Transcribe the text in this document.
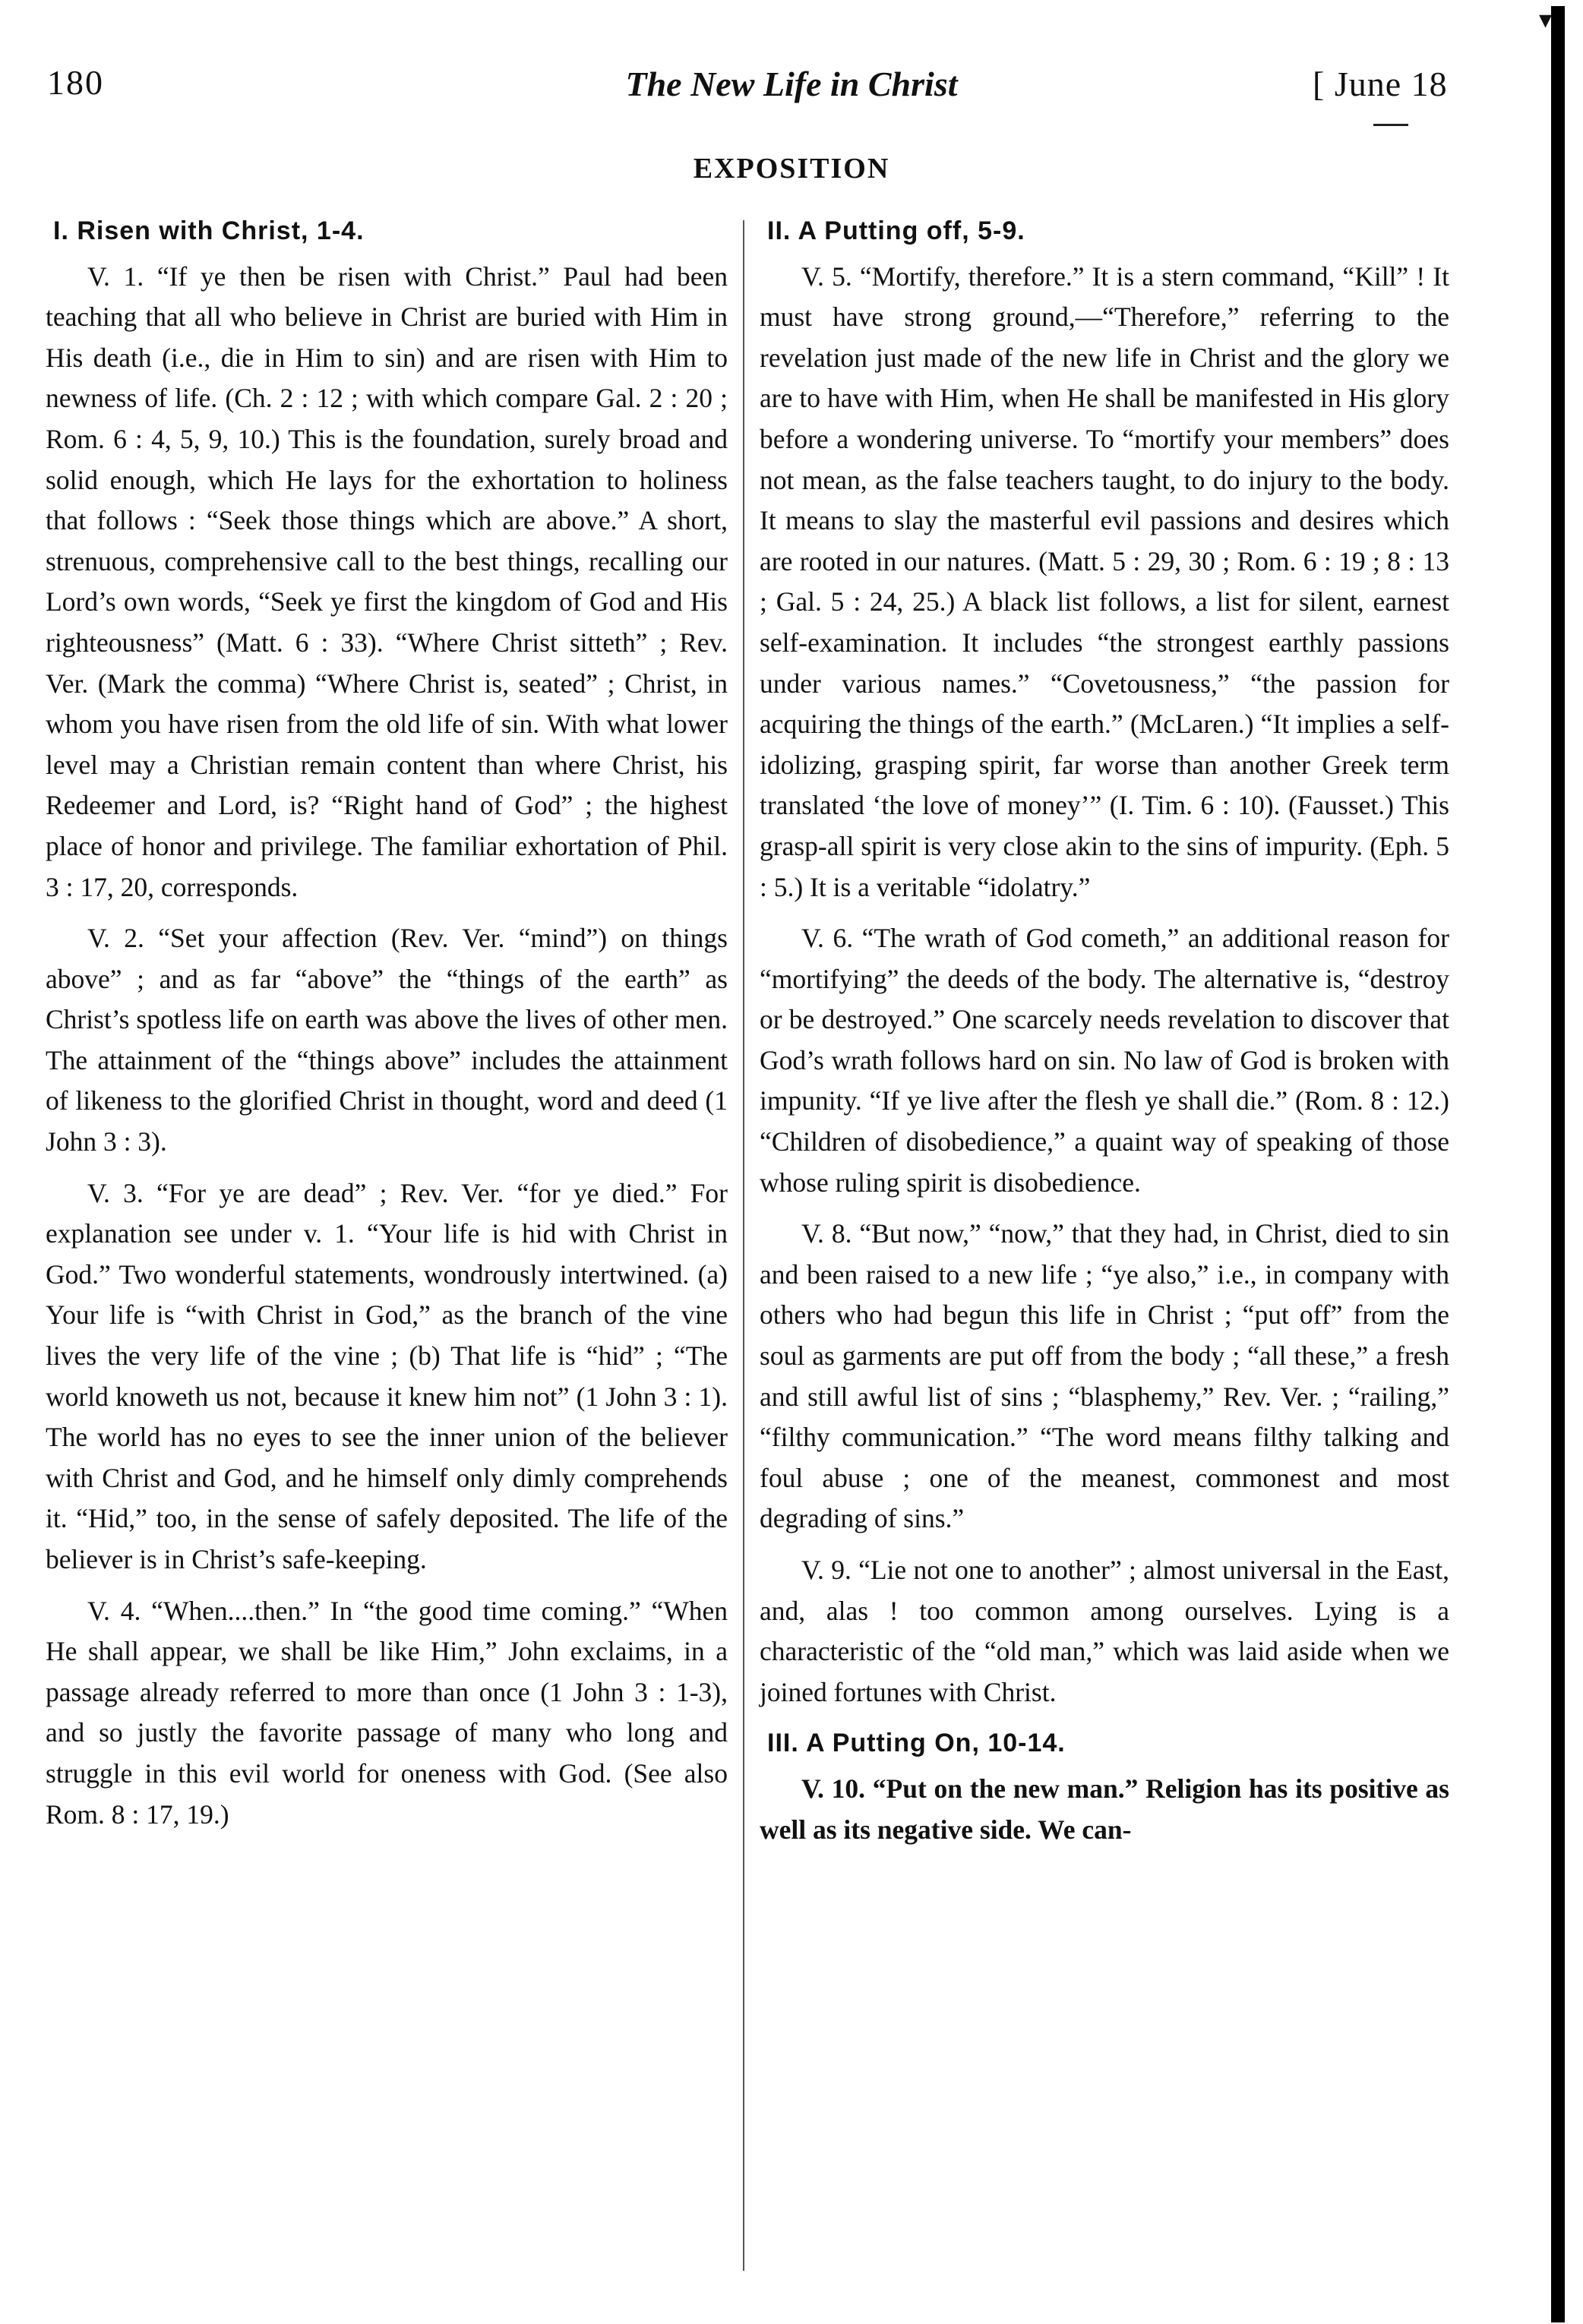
180	The New Life in Christ	[ June 18
EXPOSITION
I. Risen with Christ, 1-4.

V. 1. “If ye then be risen with Christ.” Paul had been teaching that all who believe in Christ are buried with Him in His death (i.e., die in Him to sin) and are risen with Him to newness of life. (Ch. 2 : 12 ; with which compare Gal. 2 : 20 ; Rom. 6 : 4, 5, 9, 10.) This is the foundation, surely broad and solid enough, which He lays for the exhortation to holiness that follows : “Seek those things which are above.” A short, strenuous, comprehensive call to the best things, recalling our Lord’s own words, “Seek ye first the kingdom of God and His righteousness” (Matt. 6 : 33). “Where Christ sitteth” ; Rev. Ver. (Mark the comma) “Where Christ is, seated” ; Christ, in whom you have risen from the old life of sin. With what lower level may a Christian remain content than where Christ, his Redeemer and Lord, is? “Right hand of God” ; the highest place of honor and privilege. The familiar exhortation of Phil. 3 : 17, 20, corresponds.

V. 2. “Set your affection (Rev. Ver. “mind”) on things above” ; and as far “above” the “things of the earth” as Christ’s spotless life on earth was above the lives of other men. The attainment of the “things above” includes the attainment of likeness to the glorified Christ in thought, word and deed (1 John 3 : 3).

V. 3. “For ye are dead” ; Rev. Ver. “for ye died.” For explanation see under v. 1. “Your life is hid with Christ in God.” Two wonderful statements, wondrously intertwined. (a) Your life is “with Christ in God,” as the branch of the vine lives the very life of the vine ; (b) That life is “hid” ; “The world knoweth us not, because it knew him not” (1 John 3 : 1). The world has no eyes to see the inner union of the believer with Christ and God, and he himself only dimly comprehends it. “Hid,” too, in the sense of safely deposited. The life of the believer is in Christ’s safe-keeping.

V. 4. “When....then.” In “the good time coming.” “When He shall appear, we shall be like Him,” John exclaims, in a passage already referred to more than once (1 John 3 : 1-3), and so justly the favorite passage of many who long and struggle in this evil world for oneness with God. (See also Rom. 8 : 17, 19.)

II. A Putting off, 5-9.

V. 5. “Mortify, therefore.” It is a stern command, “Kill” ! It must have strong ground,—“Therefore,” referring to the revelation just made of the new life in Christ and the glory we are to have with Him, when He shall be manifested in His glory before a wondering universe. To “mortify your members” does not mean, as the false teachers taught, to do injury to the body. It means to slay the masterful evil passions and desires which are rooted in our natures. (Matt. 5 : 29, 30 ; Rom. 6 : 19 ; 8 : 13 ; Gal. 5 : 24, 25.) A black list follows, a list for silent, earnest self-examination. It includes “the strongest earthly passions under various names.” “Covetousness,” “the passion for acquiring the things of the earth.” (McLaren.) “It implies a self-idolizing, grasping spirit, far worse than another Greek term translated ‘the love of money’” (I. Tim. 6 : 10). (Fausset.) This grasp-all spirit is very close akin to the sins of impurity. (Eph. 5 : 5.) It is a veritable “idolatry.”

V. 6. “The wrath of God cometh,” an additional reason for “mortifying” the deeds of the body. The alternative is, “destroy or be destroyed.” One scarcely needs revelation to discover that God’s wrath follows hard on sin. No law of God is broken with impunity. “If ye live after the flesh ye shall die.” (Rom. 8 : 12.) “Children of disobedience,” a quaint way of speaking of those whose ruling spirit is disobedience.

V. 8. “But now,” “now,” that they had, in Christ, died to sin and been raised to a new life ; “ye also,” i.e., in company with others who had begun this life in Christ ; “put off” from the soul as garments are put off from the body ; “all these,” a fresh and still awful list of sins ; “blasphemy,” Rev. Ver. ; “railing,” “filthy communication.” “The word means filthy talking and foul abuse ; one of the meanest, commonest and most degrading of sins.”

V. 9. “Lie not one to another” ; almost universal in the East, and, alas ! too common among ourselves. Lying is a characteristic of the “old man,” which was laid aside when we joined fortunes with Christ.

III. A Putting On, 10-14.

V. 10. “Put on the new man.” Religion has its positive as well as its negative side. We can-

▾
